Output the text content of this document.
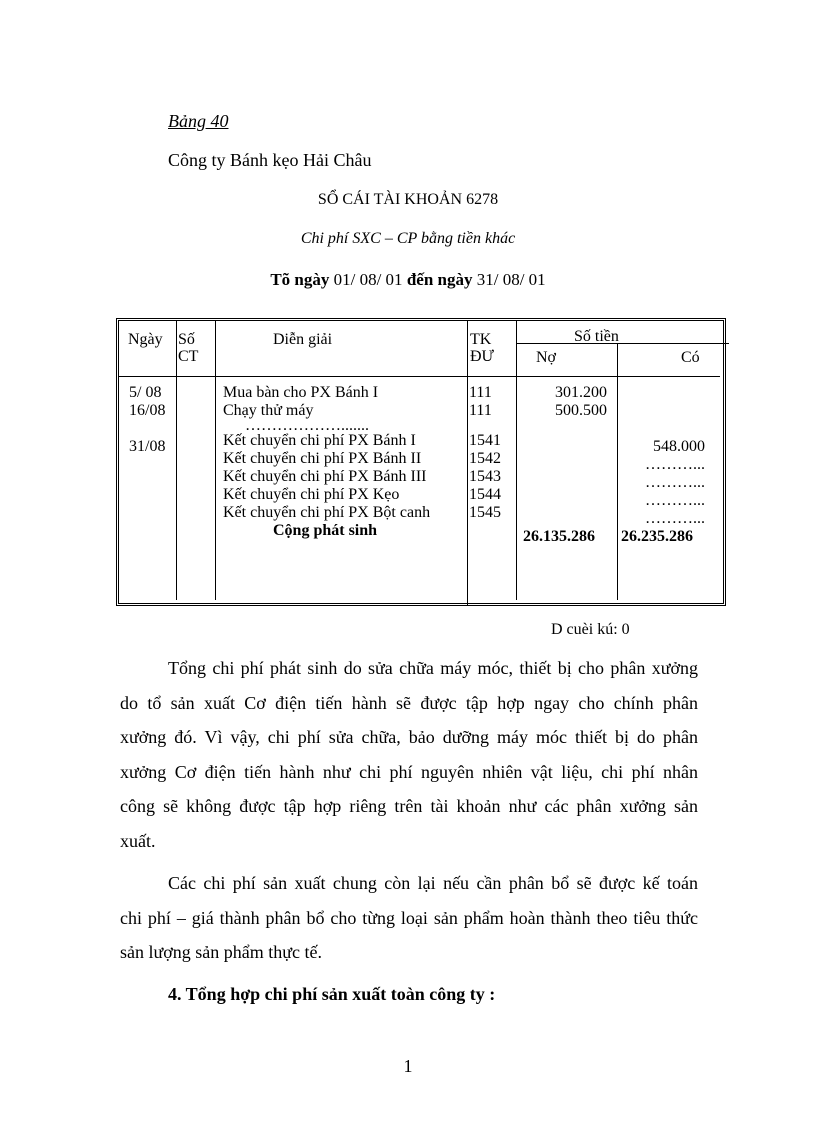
Bảng 40
Công ty Bánh kẹo Hải Châu
SỔ CÁI TÀI KHOẢN 6278
Chi phí SXC – CP bằng tiền khác
Tõ ngày 01/ 08/ 01 đến ngày 31/ 08/ 01
Ngày Số
CT
Diễn giải	TK
ĐƯ
Số tiền
Nợ	Có
5/ 08
16/08
31/08
Mua bàn cho PX Bánh I
Chạy thử máy
……………….......
Kết chuyển chi phí PX Bánh I
Kết chuyển chi phí PX Bánh II
Kết chuyển chi phí PX Bánh III
Kết chuyển chi phí PX Kẹo
Kết chuyển chi phí PX Bột canh
Cộng phát sinh
111
111
1541
1542
1543
1544
1545
301.200
500.500
26.135.286
548.000
………...
………...
………...
………...
26.235.286
D cuèi kú: 0
Tổng chi phí phát sinh do sửa chữa máy móc, thiết bị cho phân xưởng
do tổ sản xuất Cơ điện tiến hành sẽ được tập hợp ngay cho chính phân
xưởng đó. Vì vậy, chi phí sửa chữa, bảo dưỡng máy móc thiết bị do phân
xưởng Cơ điện tiến hành như chi phí nguyên nhiên vật liệu, chi phí nhân
công sẽ không được tập hợp riêng trên tài khoản như các phân xưởng sản
xuất.
Các chi phí sản xuất chung còn lại nếu cần phân bổ sẽ được kế toán
chi phí – giá thành phân bổ cho từng loại sản phẩm hoàn thành theo tiêu thức
sản lượng sản phẩm thực tế.
4. Tổng hợp chi phí sản xuất toàn công ty :
1
